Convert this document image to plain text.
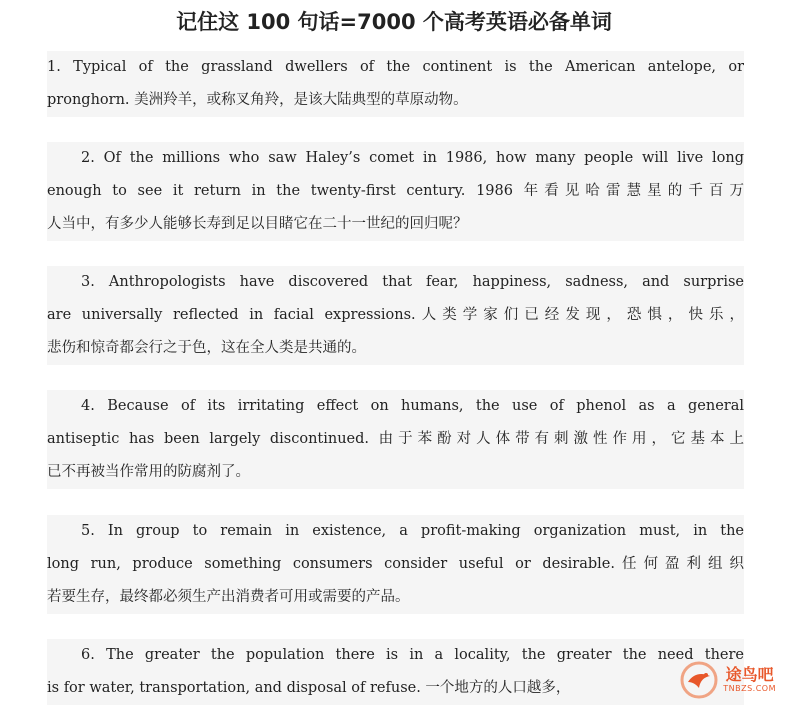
记住这 100 句话=7000 个高考英语必备单词
1. Typical of the grassland dwellers of the continent is the American antelope, or
pronghorn. 美洲羚羊，或称叉角羚，是该大陆典型的草原动物。
2. Of the millions who saw Haley’s comet in 1986, how many people will live long
enough to see it return in the twenty-first century. 1986 年看见哈雷慧星的千百万
人当中，有多少人能够长寿到足以目睹它在二十一世纪的回归呢？
3. Anthropologists have discovered that fear, happiness, sadness, and surprise
are universally reflected in facial expressions.人类学家们已经发现，恐惧，快乐，
悲伤和惊奇都会行之于色，这在全人类是共通的。
4. Because of its irritating effect on humans, the use of phenol as a general
antiseptic has been largely discontinued. 由于苯酚对人体带有刺激性作用，它基本上
已不再被当作常用的防腐剂了。
5. In group to remain in existence, a profit-making organization must, in the
long run, produce something consumers consider useful or desirable.任何盈利组织
若要生存，最终都必须生产出消费者可用或需要的产品。
6. The greater the population there is in a locality, the greater the need there
is for water, transportation, and disposal of refuse. 一个地方的人口越多，
途鸟吧
TNBZS.COM
